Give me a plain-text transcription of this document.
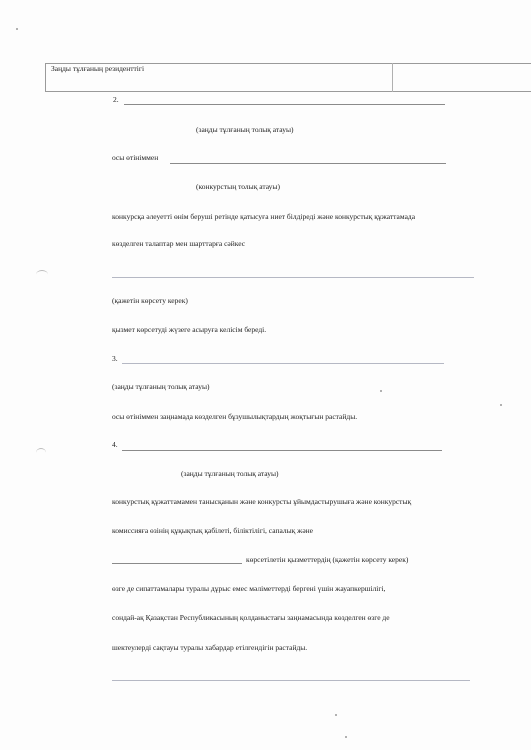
Заңды тұлғаның резиденттігі
2.
(заңды тұлғаның толық атауы)
осы өтініммен
(конкурстың толық атауы)
конкурсқа әлеуетті өнім беруші ретінде қатысуға ниет білдіреді және конкурстық құжаттамада
көзделген талаптар мен шарттарға сәйкес
(қажетін көрсету керек)
қызмет көрсетуді жүзеге асыруға келісім береді.
3.
(заңды тұлғаның толық атауы)
осы өтініммен заңнамада көзделген бұзушылықтардың жоқтығын растайды.
4.
(заңды тұлғаның толық атауы)
конкурстық құжаттамамен танысқанын және конкурсты ұйымдастырушыға және конкурстық
комиссияға өзінің құқықтық қабілеті, біліктілігі, сапалық және
көрсетілетін қызметтердің (қажетін көрсету керек)
өзге де сипаттамалары туралы дұрыс емес мәліметтерді бергені үшін жауапкершілігі,
сондай-ақ Қазақстан Республикасының қолданыстағы заңнамасында көзделген өзге де
шектеулерді сақтауы туралы хабардар етілгендігін растайды.
